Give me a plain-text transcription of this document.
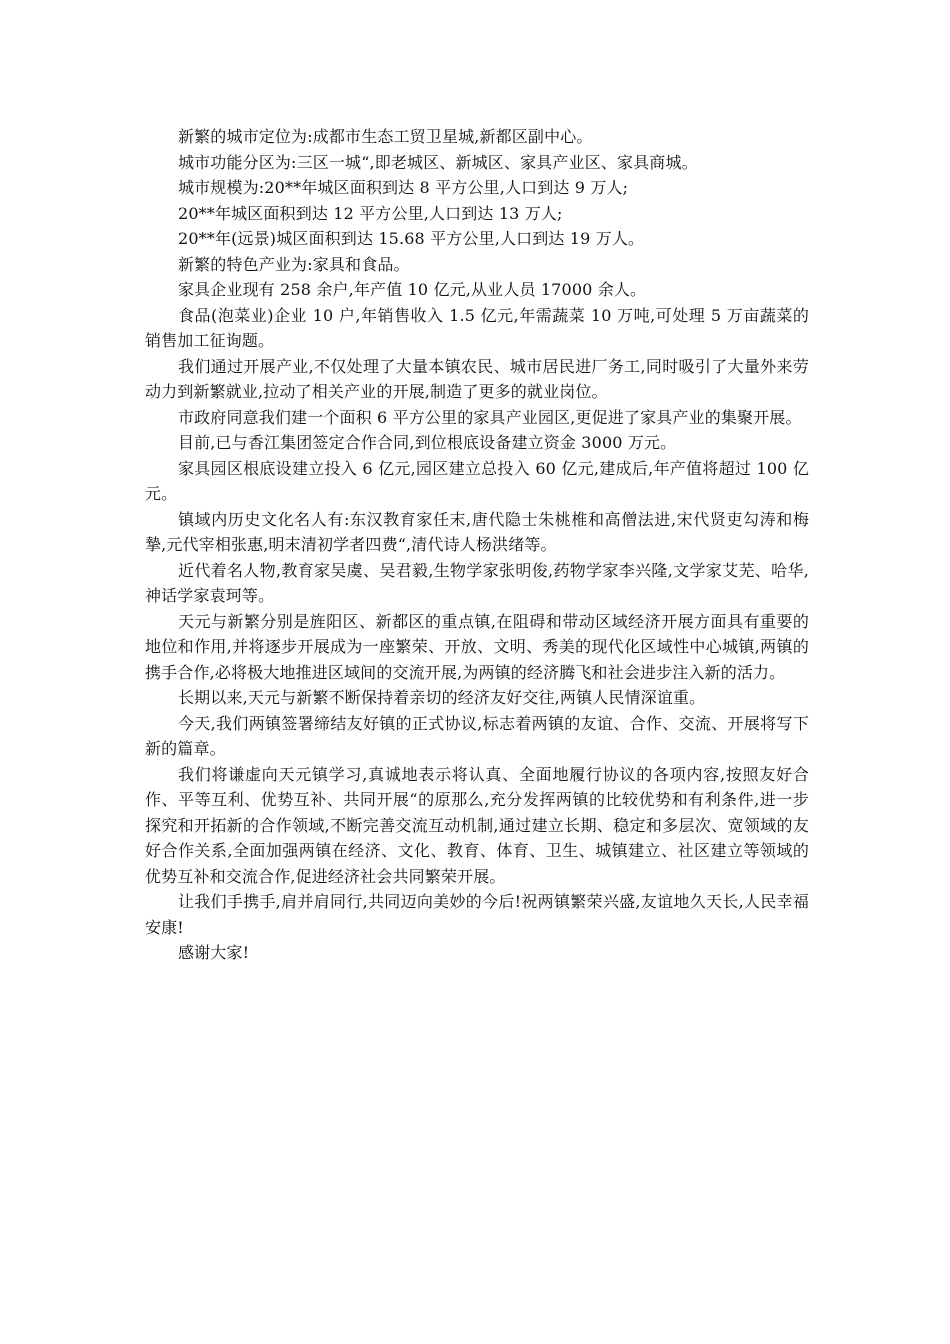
新繁的城市定位为:成都市生态工贸卫星城,新都区副中心。

城市功能分区为:三区一城“,即老城区、新城区、家具产业区、家具商城。

城市规模为:20**年城区面积到达 8 平方公里,人口到达 9 万人;

20**年城区面积到达 12 平方公里,人口到达 13 万人;

20**年(远景)城区面积到达 15.68 平方公里,人口到达 19 万人。

新繁的特色产业为:家具和食品。

家具企业现有 258 余户,年产值 10 亿元,从业人员 17000 余人。

食品(泡菜业)企业 10 户,年销售收入 1.5 亿元,年需蔬菜 10 万吨,可处理 5 万亩蔬菜的销售加工征询题。

我们通过开展产业,不仅处理了大量本镇农民、城市居民进厂务工,同时吸引了大量外来劳动力到新繁就业,拉动了相关产业的开展,制造了更多的就业岗位。

市政府同意我们建一个面积 6 平方公里的家具产业园区,更促进了家具产业的集聚开展。

目前,已与香江集团签定合作合同,到位根底设备建立资金 3000 万元。

家具园区根底设建立投入 6 亿元,园区建立总投入 60 亿元,建成后,年产值将超过 100 亿元。

镇域内历史文化名人有:东汉教育家任末,唐代隐士朱桃椎和高僧法进,宋代贤吏勾涛和梅摯,元代宰相张惠,明末清初学者四费“,清代诗人杨洪绪等。

近代着名人物,教育家吴虞、吴君毅,生物学家张明俊,药物学家李兴隆,文学家艾芜、哈华,神话学家袁珂等。

天元与新繁分别是旌阳区、新都区的重点镇,在阻碍和带动区域经济开展方面具有重要的地位和作用,并将逐步开展成为一座繁荣、开放、文明、秀美的现代化区域性中心城镇,两镇的携手合作,必将极大地推进区域间的交流开展,为两镇的经济腾飞和社会进步注入新的活力。

长期以来,天元与新繁不断保持着亲切的经济友好交往,两镇人民情深谊重。

今天,我们两镇签署缔结友好镇的正式协议,标志着两镇的友谊、合作、交流、开展将写下新的篇章。

我们将谦虚向天元镇学习,真诚地表示将认真、全面地履行协议的各项内容,按照友好合作、平等互利、优势互补、共同开展“的原那么,充分发挥两镇的比较优势和有利条件,进一步探究和开拓新的合作领域,不断完善交流互动机制,通过建立长期、稳定和多层次、宽领域的友好合作关系,全面加强两镇在经济、文化、教育、体育、卫生、城镇建立、社区建立等领域的优势互补和交流合作,促进经济社会共同繁荣开展。

让我们手携手,肩并肩同行,共同迈向美妙的今后!祝两镇繁荣兴盛,友谊地久天长,人民幸福安康!

感谢大家!
